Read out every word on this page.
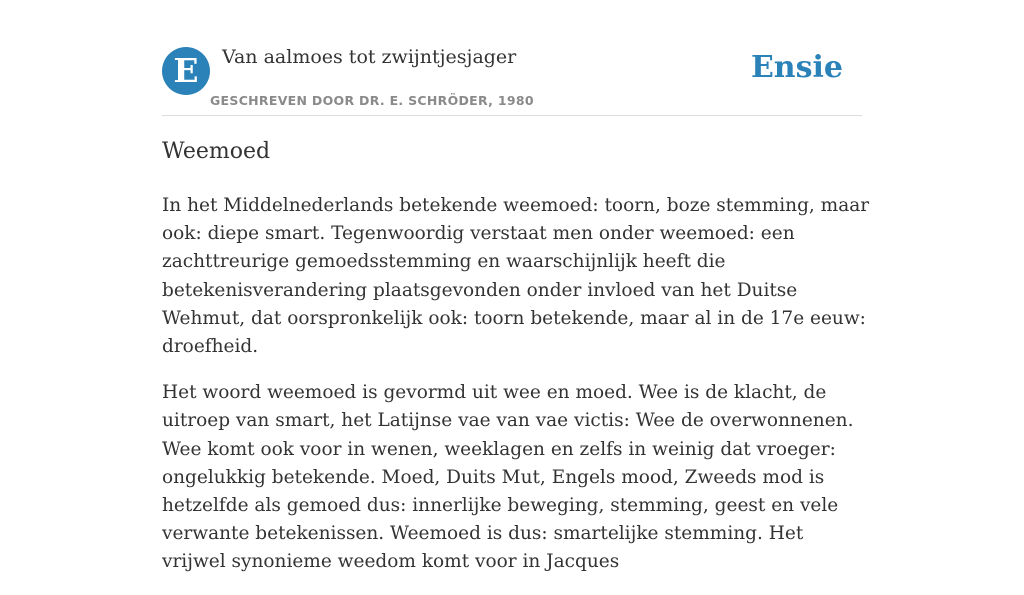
E	Van aalmoes tot zwijntjesjager
GESCHREVEN DOOR DR. E. SCHRÖDER, 1980
Ensie
Weemoed

In het Middelnederlands betekende weemoed: toorn, boze stemming, maar ook: diepe smart. Tegenwoordig verstaat men onder weemoed: een zachttreurige gemoedsstemming en waarschijnlijk heeft die betekenisverandering plaatsgevonden onder invloed van het Duitse Wehmut, dat oorspronkelijk ook: toorn betekende, maar al in de 17e eeuw: droefheid.

Het woord weemoed is gevormd uit wee en moed. Wee is de klacht, de uitroep van smart, het Latijnse vae van vae victis: Wee de overwonnenen. Wee komt ook voor in wenen, weeklagen en zelfs in weinig dat vroeger: ongelukkig betekende. Moed, Duits Mut, Engels mood, Zweeds mod is hetzelfde als gemoed dus: innerlijke beweging, stemming, geest en vele verwante betekenissen. Weemoed is dus: smartelijke stemming. Het vrijwel synonieme weedom komt voor in Jacques
